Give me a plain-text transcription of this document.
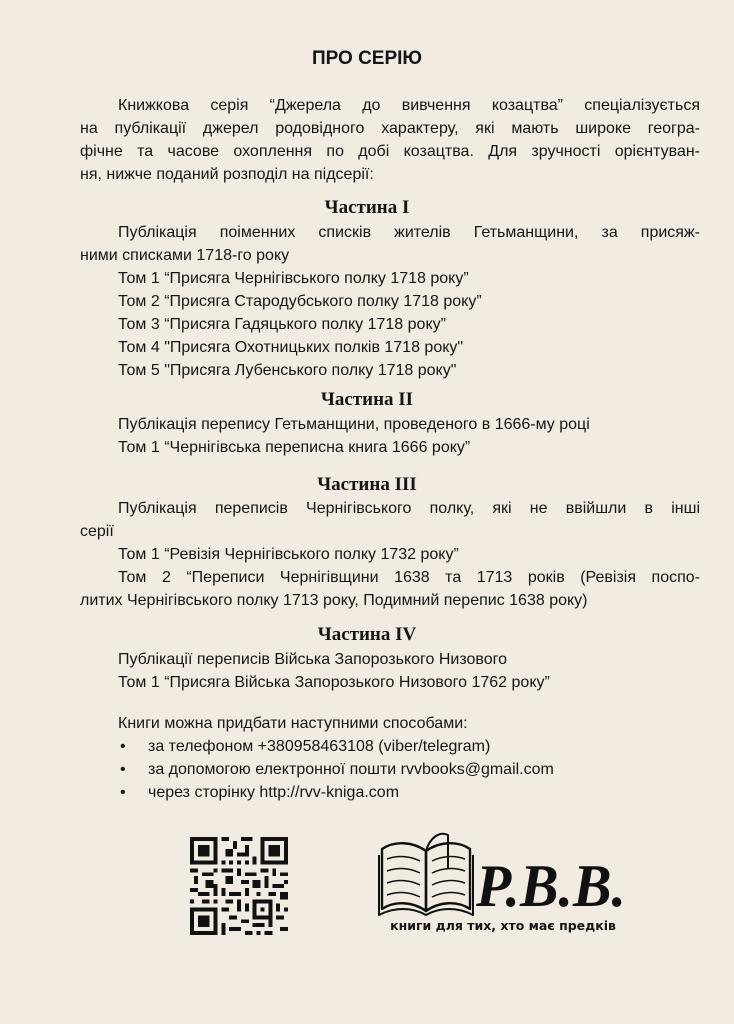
ПРО СЕРІЮ
Книжкова серія “Джерела до вивчення козацтва” спеціалізується
на публікації джерел родовідного характеру, які мають широке геогра-
фічне та часове охоплення по добі козацтва. Для зручності орієнтуван-
ня, нижче поданий розподіл на підсерії:
Частина I
Публікація поіменних списків жителів Гетьманщини, за присяж-
ними списками 1718-го року
Том 1 “Присяга Чернігівського полку 1718 року”
Том 2 “Присяга Стародубського полку 1718 року”
Том 3 “Присяга Гадяцького полку 1718 року”
Том 4 "Присяга Охотницьких полків 1718 року"
Том 5 "Присяга Лубенського полку 1718 року"
Частина II
Публікація перепису Гетьманщини, проведеного в 1666-му році
Том 1 “Чернігівська переписна книга 1666 року”
Частина III
Публікація переписів Чернігівського полку, які не ввійшли в інші
серії
Том 1 “Ревізія Чернігівського полку 1732 року”
Том 2 “Переписи Чернігівщини 1638 та 1713 років (Ревізія поспо-
литих Чернігівського полку 1713 року, Подимний перепис 1638 року)
Частина IV
Публікації переписів Війська Запорозького Низового
Том 1 “Присяга Війська Запорозького Низового 1762 року”
Книги можна придбати наступними способами:
• за телефоном +380958463108 (viber/telegram)
• за допомогою електронної пошти rvvbooks@gmail.com
• через сторінку http://rvv-kniga.com
Р.В.В.
книги для тих, хто має предків
